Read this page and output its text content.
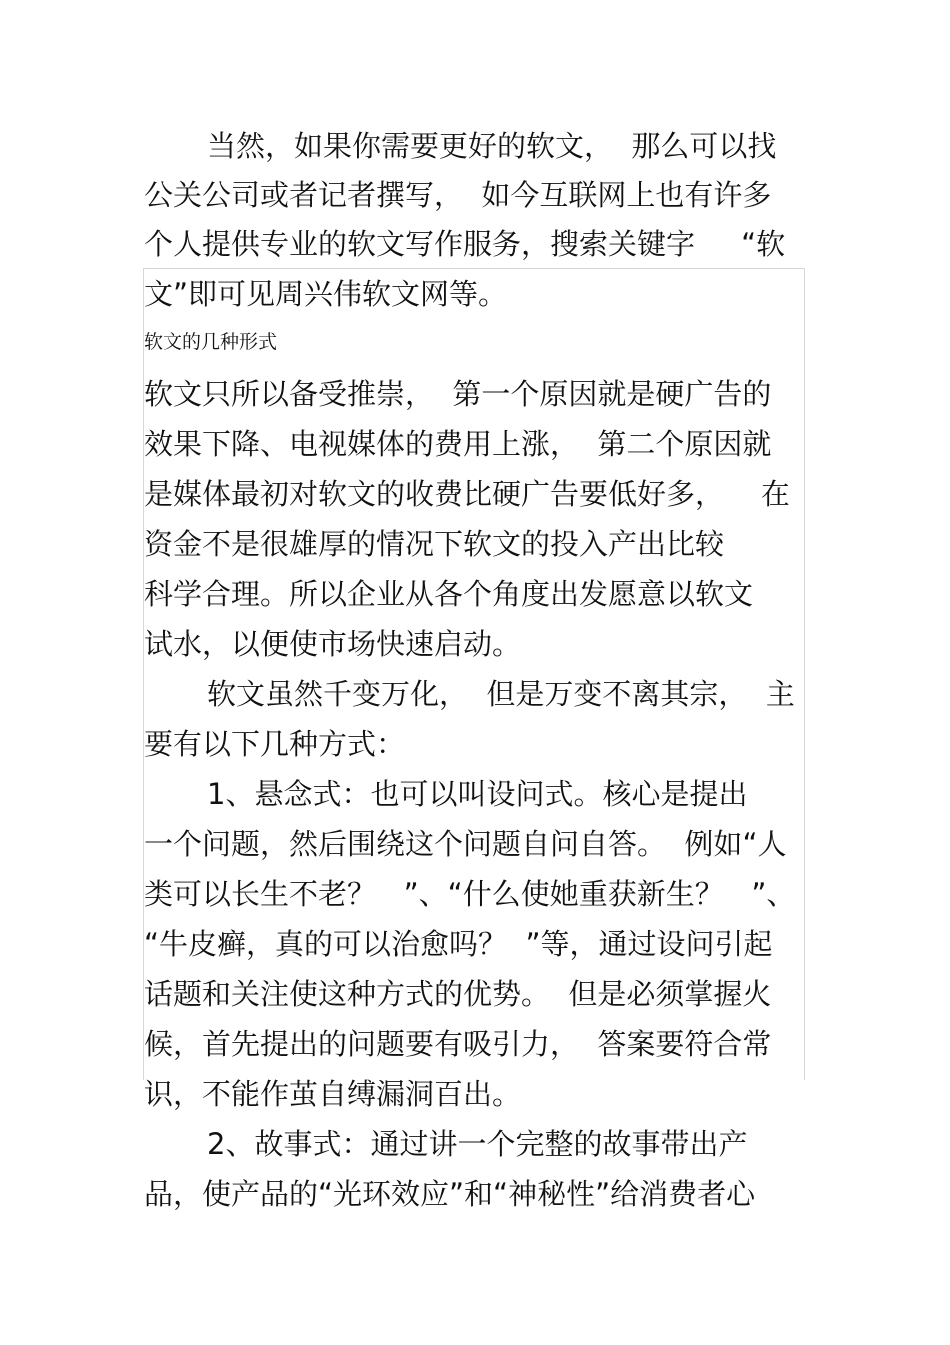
当然，如果你需要更好的软文，  那么可以找
公关公司或者记者撰写，  如今互联网上也有许多
个人提供专业的软文写作服务，搜索关键字     “软
文”即可见周兴伟软文网等。
软文的几种形式
软文只所以备受推崇，  第一个原因就是硬广告的
效果下降、电视媒体的费用上涨，  第二个原因就
是媒体最初对软文的收费比硬广告要低好多，    在
资金不是很雄厚的情况下软文的投入产出比较
科学合理。所以企业从各个角度出发愿意以软文
试水，以便使市场快速启动。
软文虽然千变万化，  但是万变不离其宗，  主
要有以下几种方式：
1、悬念式：也可以叫设问式。核心是提出
一个问题，然后围绕这个问题自问自答。  例如“人
类可以长生不老？   ”、“什么使她重获新生？   ”、
“牛皮癣，真的可以治愈吗？  ”等，通过设问引起
话题和关注使这种方式的优势。  但是必须掌握火
候，首先提出的问题要有吸引力，  答案要符合常
识，不能作茧自缚漏洞百出。
2、故事式：通过讲一个完整的故事带出产
品，使产品的“光环效应”和“神秘性”给消费者心
